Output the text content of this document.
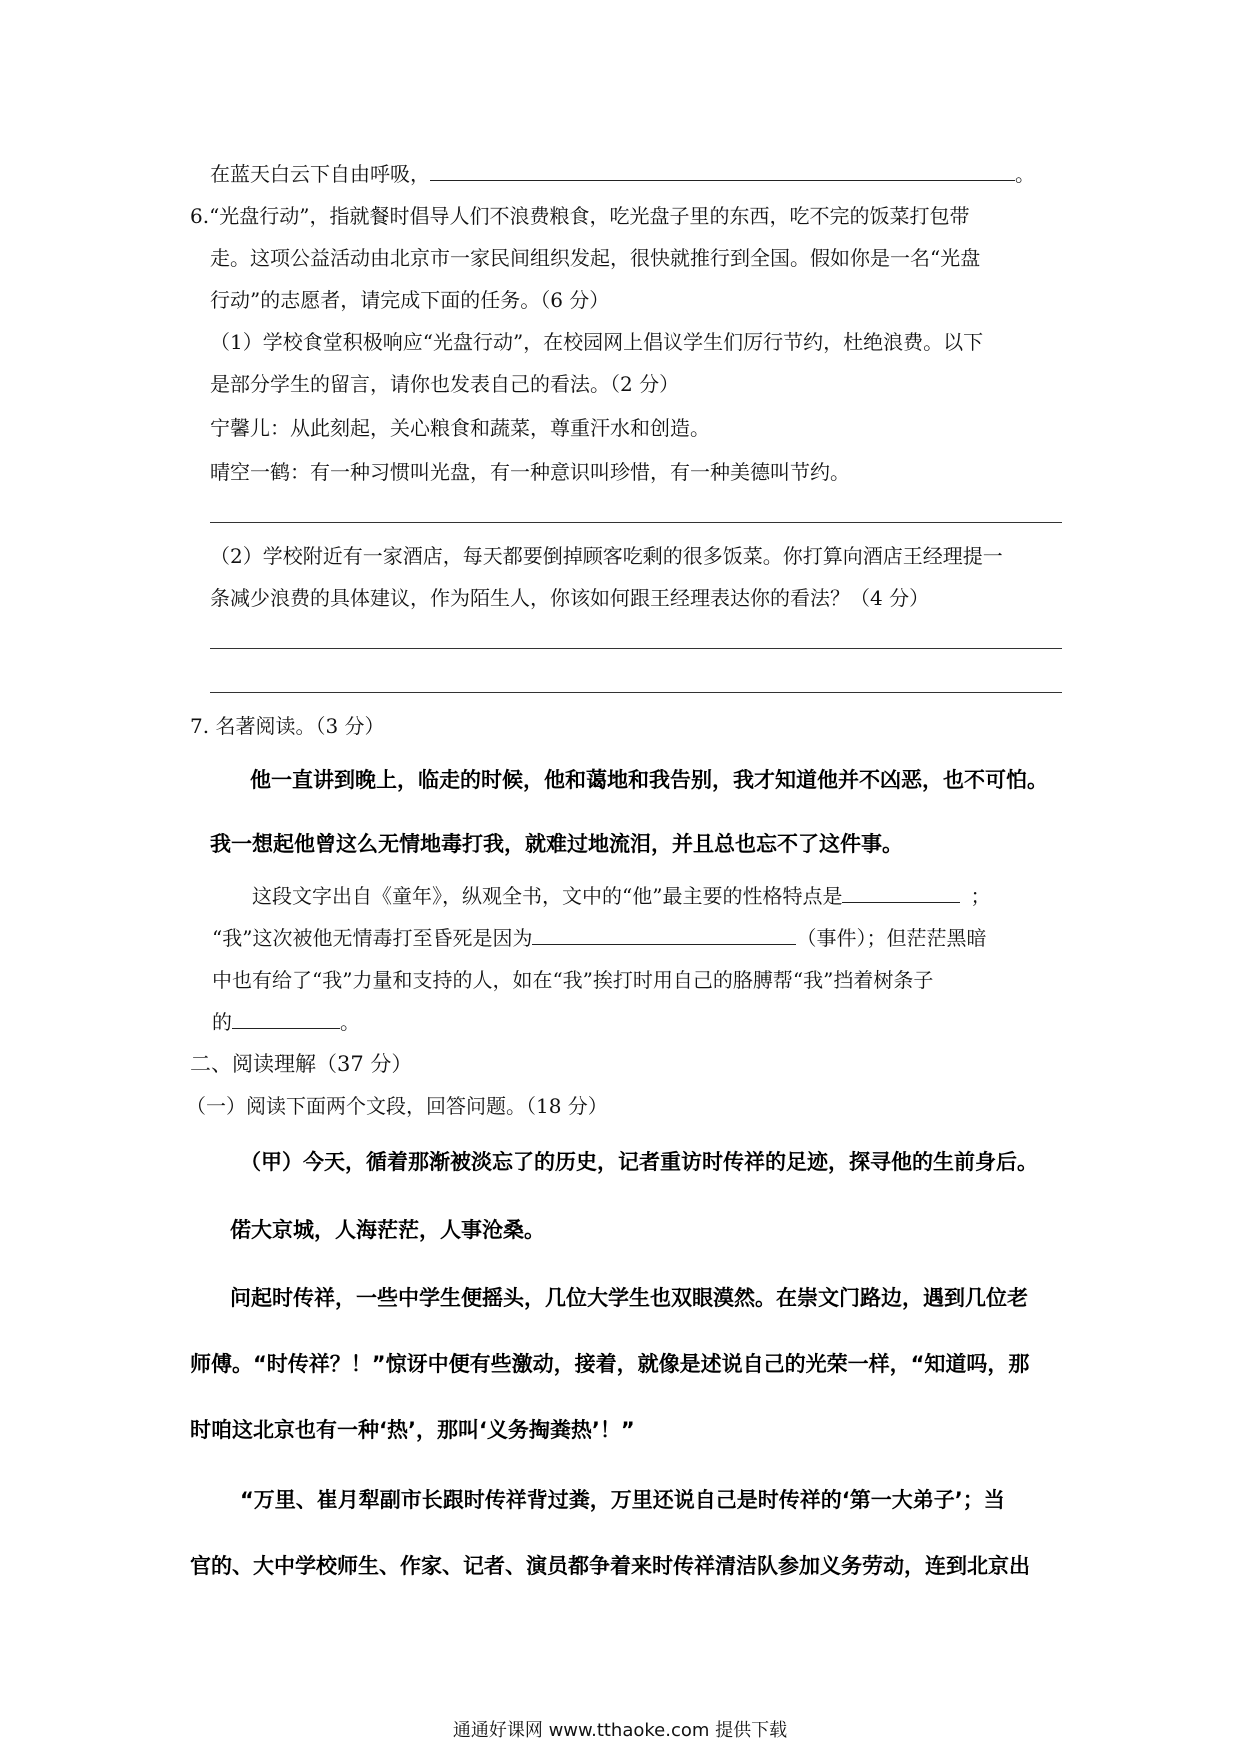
在蓝天白云下自由呼吸，	。
6.“光盘行动”，指就餐时倡导人们不浪费粮食，吃光盘子里的东西，吃不完的饭菜打包带
走。这项公益活动由北京市一家民间组织发起，很快就推行到全国。假如你是一名“光盘
行动”的志愿者，请完成下面的任务。（6 分）
（1）学校食堂积极响应“光盘行动”，在校园网上倡议学生们厉行节约，杜绝浪费。以下
是部分学生的留言，请你也发表自己的看法。（2 分）
宁馨儿：从此刻起，关心粮食和蔬菜，尊重汗水和创造。
晴空一鹤：有一种习惯叫光盘，有一种意识叫珍惜，有一种美德叫节约。
（2）学校附近有一家酒店，每天都要倒掉顾客吃剩的很多饭菜。你打算向酒店王经理提一
条减少浪费的具体建议，作为陌生人，你该如何跟王经理表达你的看法？（4 分）
7. 名著阅读。（3 分）
他一直讲到晚上，临走的时候，他和蔼地和我告别，我才知道他并不凶恶，也不可怕。
我一想起他曾这么无情地毒打我，就难过地流泪，并且总也忘不了这件事。
这段文字出自《童年》，纵观全书，文中的“他”最主要的性格特点是	；
“我”这次被他无情毒打至昏死是因为	（事件）；但茫茫黑暗
中也有给了“我”力量和支持的人，如在“我”挨打时用自己的胳膊帮“我”挡着树条子
的	。
二、阅读理解（37 分）
（一）阅读下面两个文段，回答问题。（18 分）
（甲）今天，循着那渐被淡忘了的历史，记者重访时传祥的足迹，探寻他的生前身后。
偌大京城，人海茫茫，人事沧桑。
问起时传祥，一些中学生便摇头，几位大学生也双眼漠然。在崇文门路边，遇到几位老
师傅。“时传祥？！”惊讶中便有些激动，接着，就像是述说自己的光荣一样，“知道吗，那
时咱这北京也有一种‘热’，那叫‘义务掏粪热’！”
“万里、崔月犁副市长跟时传祥背过粪，万里还说自己是时传祥的‘第一大弟子’；当
官的、大中学校师生、作家、记者、演员都争着来时传祥清洁队参加义务劳动，连到北京出
通通好课网 www.tthaoke.com 提供下载
